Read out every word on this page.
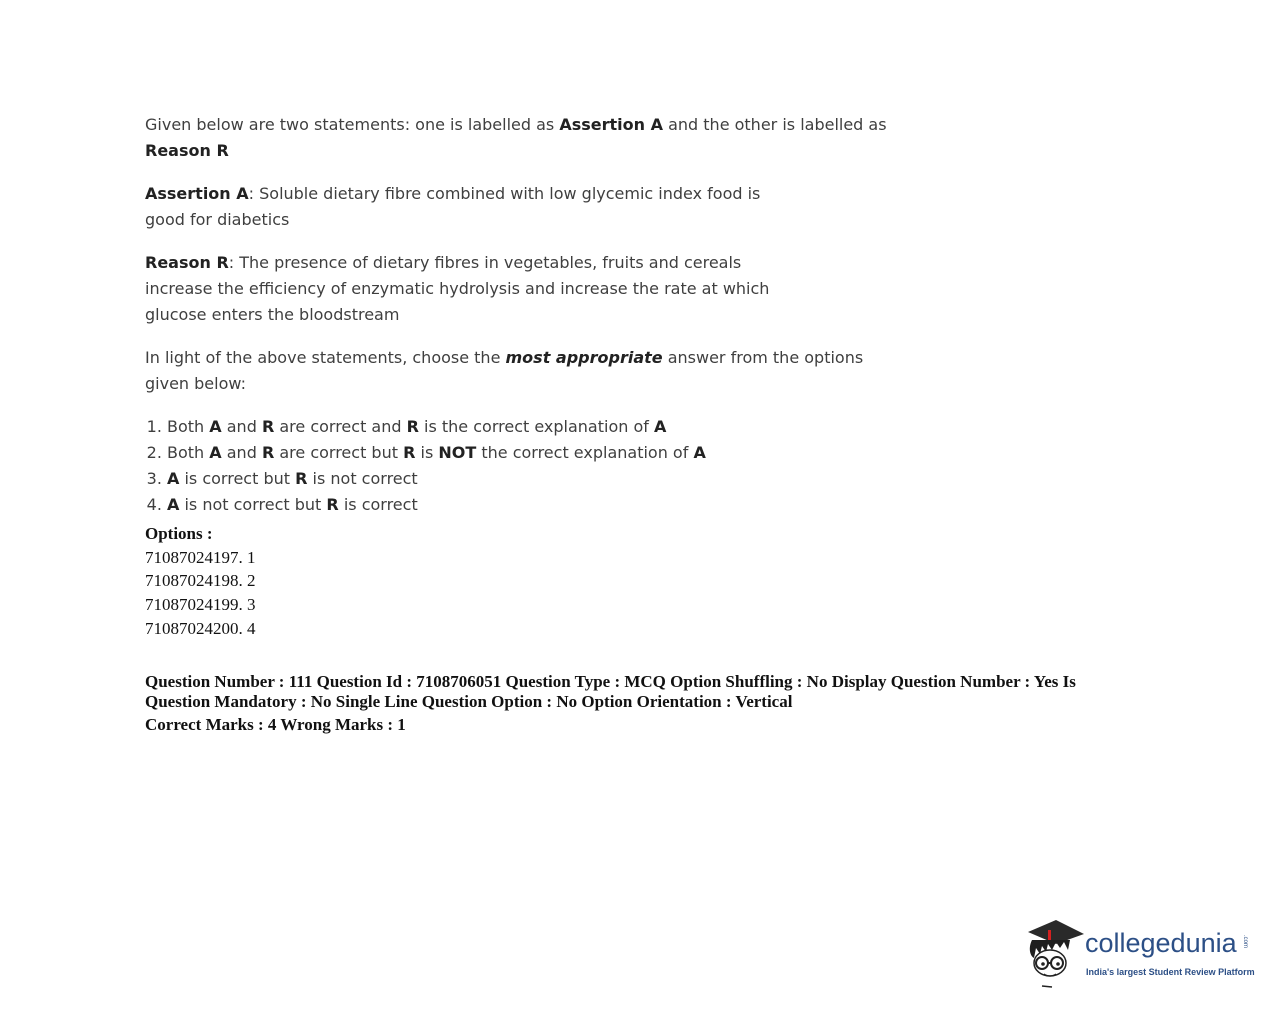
Given below are two statements: one is labelled as Assertion A and the other is labelled as
Reason R

Assertion A: Soluble dietary fibre combined with low glycemic index food is good for diabetics

Reason R: The presence of dietary fibres in vegetables, fruits and cereals increase the efficiency of enzymatic hydrolysis and increase the rate at which glucose enters the bloodstream

In light of the above statements, choose the most appropriate answer from the options given below:

1. Both A and R are correct and R is the correct explanation of A
2. Both A and R are correct but R is NOT the correct explanation of A
3. A is correct but R is not correct
4. A is not correct but R is correct
Options :
71087024197. 1
71087024198. 2
71087024199. 3
71087024200. 4
Question Number : 111 Question Id : 7108706051 Question Type : MCQ Option Shuffling : No Display Question Number : Yes Is
Question Mandatory : No Single Line Question Option : No Option Orientation : Vertical
Correct Marks : 4 Wrong Marks : 1
collegedunia .com
India's largest Student Review Platform
